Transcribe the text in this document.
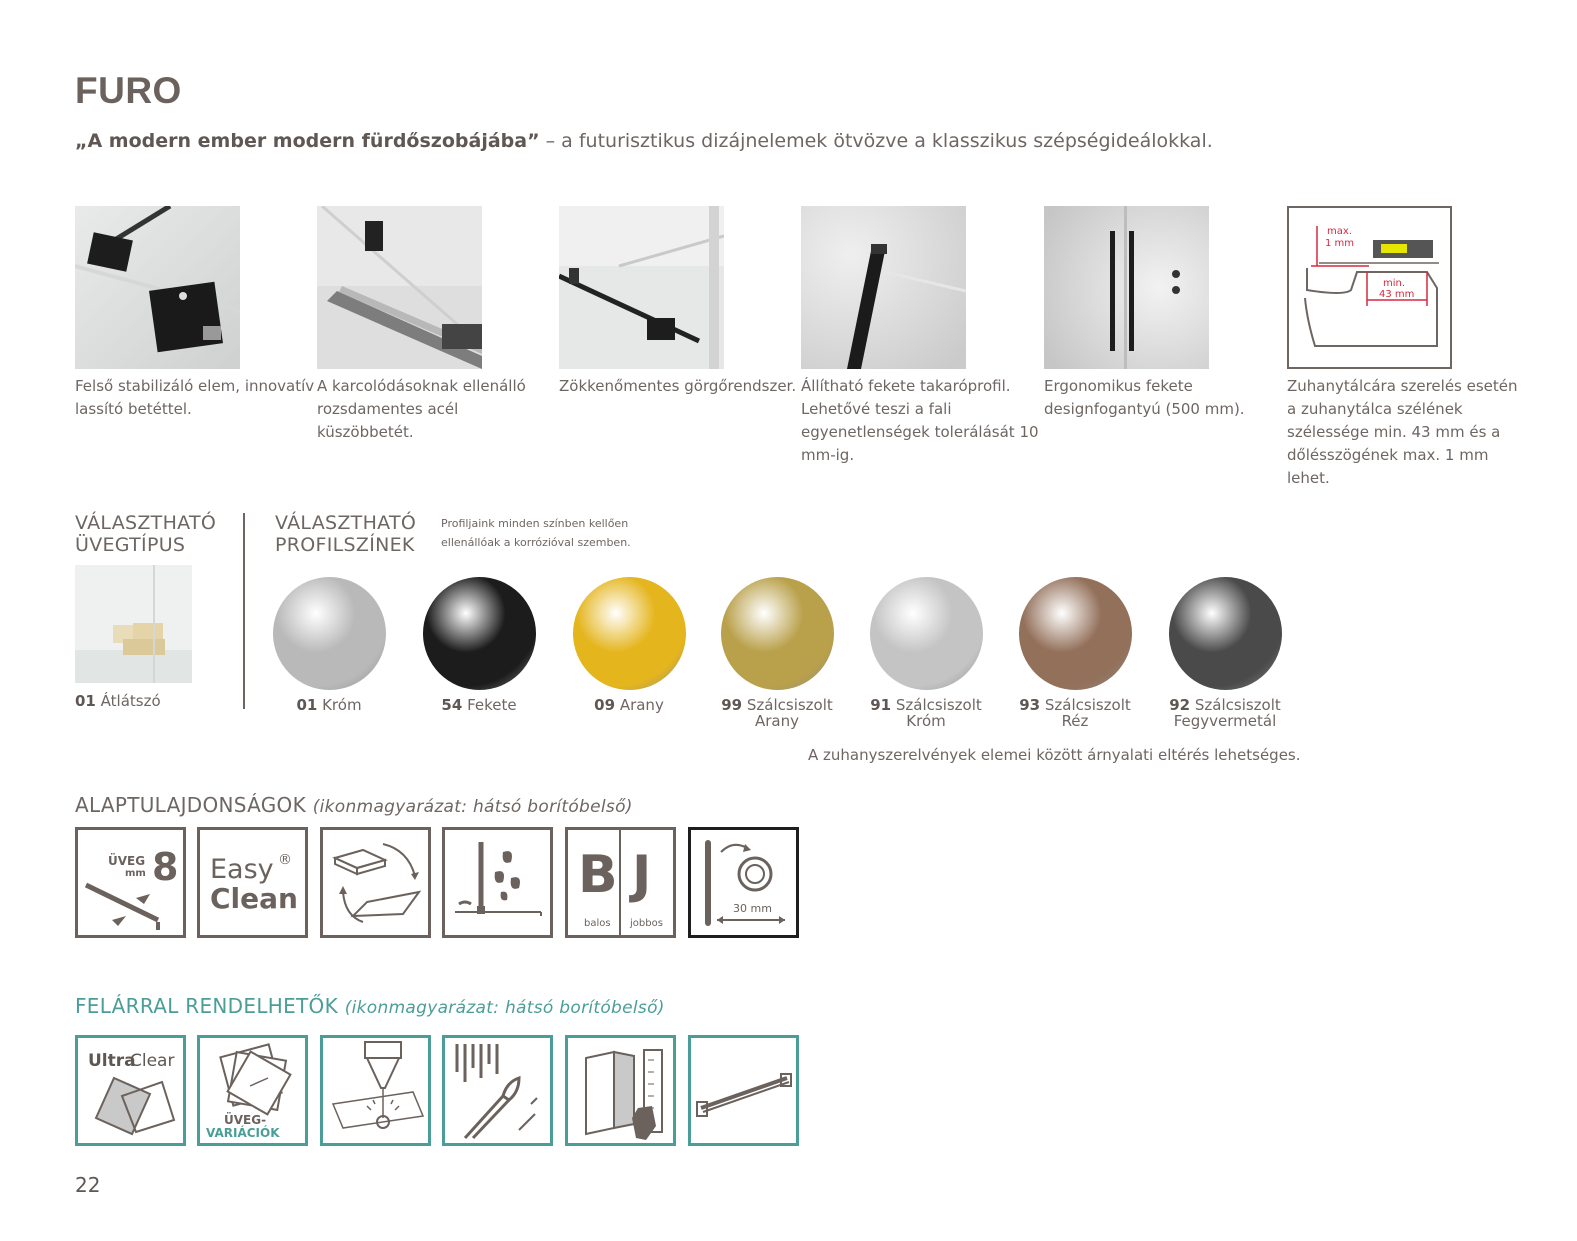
FURO
„A modern ember modern fürdőszobájába” – a futurisztikus dizájnelemek ötvözve a klasszikus szépségideálokkal.
Felső stabilizáló elem, innovatív lassító betéttel.
A karcolódásoknak ellenálló rozsdamentes acél küszöbbetét.
Zökkenőmentes görgőrendszer. Állítható fekete takaróprofil. Lehetővé teszi a fali egyenetlenségek tolerálását 10 mm-ig.
Ergonomikus fekete designfogantyú (500 mm).
max.
1 mm
min.
43 mm
Zuhanytálcára szerelés esetén a zuhanytálca szélének szélessége min. 43 mm és a dőlésszögének max. 1 mm lehet.
VÁLASZTHATÓ
ÜVEGTÍPUS
01 Átlátszó
VÁLASZTHATÓ
PROFILSZÍNEK
Profiljaink minden színben kellően
ellenállóak a korrózióval szemben.
01 Króm	54 Fekete	09 Arany	99 Szálcsiszolt
Arany
91 Szálcsiszolt
Króm
93 Szálcsiszolt
Réz
92 Szálcsiszolt
Fegyvermetál
A zuhanyszerelvények elemei között árnyalati eltérés lehetséges.
ALAPTULAJDONSÁGOK (ikonmagyarázat: hátsó borítóbelső)
ÜVEG
mm 8 Easy ®
Clean	B J
balos jobbos
30 mm
FELÁRRAL RENDELHETŐK (ikonmagyarázat: hátsó borítóbelső)
Ultra
Clear
ÜVEG-
VARIÁCIÓK
22
